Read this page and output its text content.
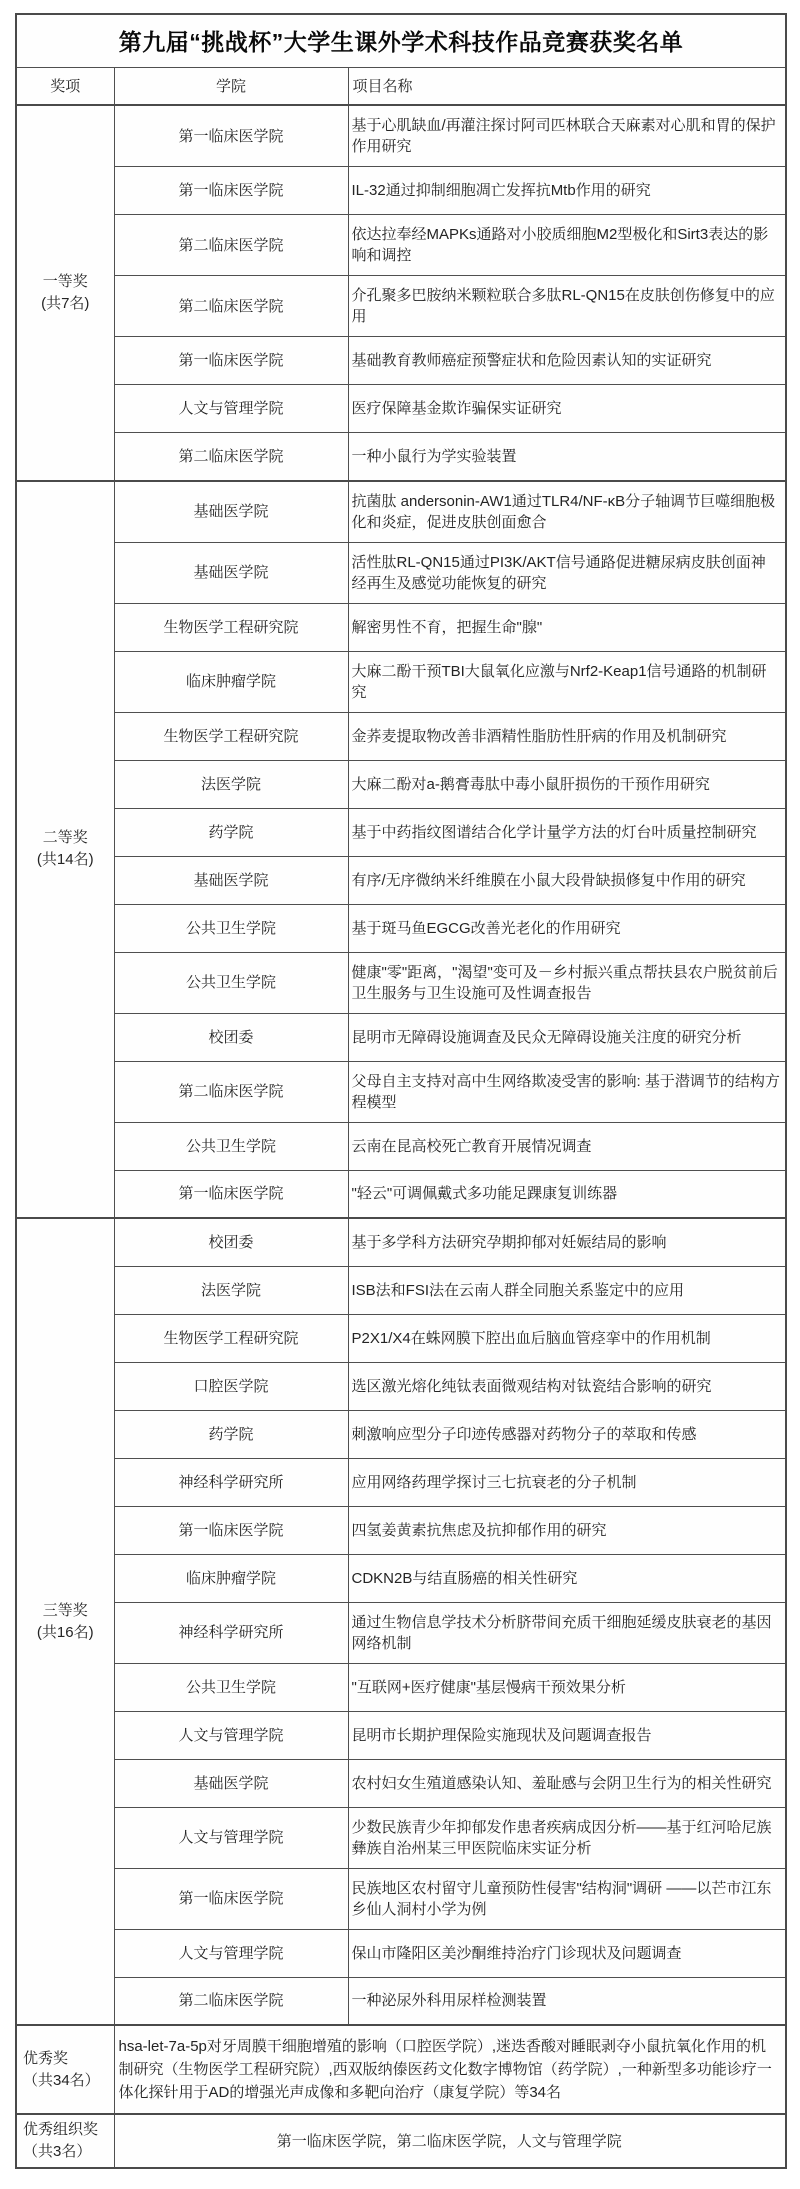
第九届“挑战杯”大学生课外学术科技作品竞赛获奖名单		
奖项	学院	项目名称

一等奖
(共7名)	第一临床医学院	基于心肌缺血/再灌注探讨阿司匹林联合天麻素对心肌和胃的保护作用研究
	第一临床医学院	IL-32通过抑制细胞凋亡发挥抗Mtb作用的研究
	第二临床医学院	依达拉奉经MAPKs通路对小胶质细胞M2型极化和Sirt3表达的影响和调控
	第二临床医学院	介孔聚多巴胺纳米颗粒联合多肽RL-QN15在皮肤创伤修复中的应用
	第一临床医学院	基础教育教师癌症预警症状和危险因素认知的实证研究
	人文与管理学院	医疗保障基金欺诈骗保实证研究
	第二临床医学院	一种小鼠行为学实验装置

二等奖
(共14名)	基础医学院	抗菌肽 andersonin-AW1通过TLR4/NF-κB分子轴调节巨噬细胞极化和炎症，促进皮肤创面愈合
	基础医学院	活性肽RL-QN15通过PI3K/AKT信号通路促进糖尿病皮肤创面神经再生及感觉功能恢复的研究
	生物医学工程研究院	解密男性不育，把握生命"腺"
	临床肿瘤学院	大麻二酚干预TBI大鼠氧化应激与Nrf2-Keap1信号通路的机制研究
	生物医学工程研究院	金荞麦提取物改善非酒精性脂肪性肝病的作用及机制研究
	法医学院	大麻二酚对a-鹅膏毒肽中毒小鼠肝损伤的干预作用研究
	药学院	基于中药指纹图谱结合化学计量学方法的灯台叶质量控制研究
	基础医学院	有序/无序微纳米纤维膜在小鼠大段骨缺损修复中作用的研究
	公共卫生学院	基于斑马鱼EGCG改善光老化的作用研究
	公共卫生学院	健康"零"距离，"渴望"变可及－乡村振兴重点帮扶县农户脱贫前后卫生服务与卫生设施可及性调查报告
	校团委	昆明市无障碍设施调查及民众无障碍设施关注度的研究分析
	第二临床医学院	父母自主支持对高中生网络欺凌受害的影响: 基于潜调节的结构方程模型
	公共卫生学院	云南在昆高校死亡教育开展情况调查
	第一临床医学院	"轻云"可调佩戴式多功能足踝康复训练器

三等奖
(共16名)	校团委	基于多学科方法研究孕期抑郁对妊娠结局的影响
	法医学院	ISB法和FSI法在云南人群全同胞关系鉴定中的应用
	生物医学工程研究院	P2X1/X4在蛛网膜下腔出血后脑血管痉挛中的作用机制
	口腔医学院	选区激光熔化纯钛表面微观结构对钛瓷结合影响的研究
	药学院	刺激响应型分子印迹传感器对药物分子的萃取和传感
	神经科学研究所	应用网络药理学探讨三七抗衰老的分子机制
	第一临床医学院	四氢姜黄素抗焦虑及抗抑郁作用的研究
	临床肿瘤学院	CDKN2B与结直肠癌的相关性研究
	神经科学研究所	通过生物信息学技术分析脐带间充质干细胞延缓皮肤衰老的基因网络机制
	公共卫生学院	"互联网+医疗健康"基层慢病干预效果分析
	人文与管理学院	昆明市长期护理保险实施现状及问题调查报告
	基础医学院	农村妇女生殖道感染认知、羞耻感与会阴卫生行为的相关性研究
	人文与管理学院	少数民族青少年抑郁发作患者疾病成因分析——基于红河哈尼族彝族自治州某三甲医院临床实证分析
	第一临床医学院	民族地区农村留守儿童预防性侵害"结构洞"调研 ——以芒市江东乡仙人洞村小学为例
	人文与管理学院	保山市隆阳区美沙酮维持治疗门诊现状及问题调查
	第二临床医学院	一种泌尿外科用尿样检测装置

优秀奖
（共34名）	hsa-let-7a-5p对牙周膜干细胞增殖的影响（口腔医学院）,迷迭香酸对睡眠剥夺小鼠抗氧化作用的机制研究（生物医学工程研究院）,西双版纳傣医药文化数字博物馆（药学院）,一种新型多功能诊疗一体化探针用于AD的增强光声成像和多靶向治疗（康复学院）等34名	

优秀组织奖
（共3名）	第一临床医学院，第二临床医学院，人文与管理学院	
